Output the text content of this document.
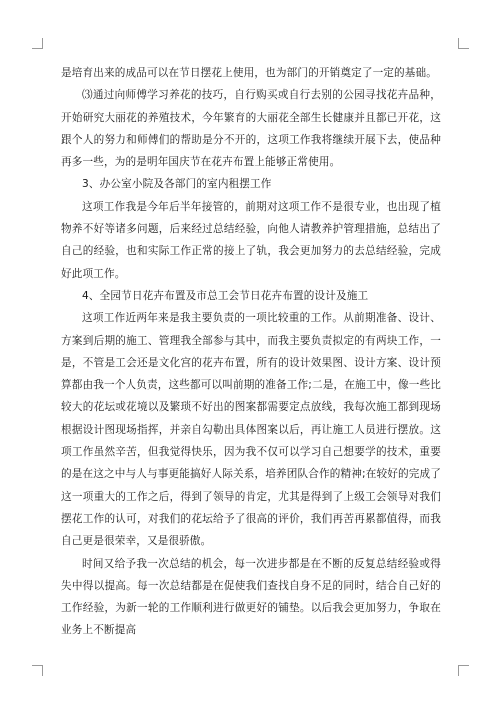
是培育出来的成品可以在节日摆花上使用，也为部门的开销奠定了一定的基础。

⑶通过向师傅学习养花的技巧，自行购买或自行去别的公园寻找花卉品种，开始研究大丽花的养殖技术，今年繁育的大丽花全部生长健康并且都已开花，这跟个人的努力和师傅们的帮助是分不开的，这项工作我将继续开展下去，使品种再多一些，为的是明年国庆节在花卉布置上能够正常使用。

3、办公室小院及各部门的室内租摆工作

这项工作我是今年后半年接管的，前期对这项工作不是很专业，也出现了植物养不好等诸多问题，后来经过总结经验，向他人请教养护管理措施，总结出了自己的经验，也和实际工作正常的接上了轨，我会更加努力的去总结经验，完成好此项工作。

4、全园节日花卉布置及市总工会节日花卉布置的设计及施工

这项工作近两年来是我主要负责的一项比较重的工作。从前期准备、设计、方案到后期的施工、管理我全部参与其中，而我主要负责拟定的有两块工作，一是，不管是工会还是文化宫的花卉布置，所有的设计效果图、设计方案、设计预算都由我一个人负责，这些都可以叫前期的准备工作;二是，在施工中，像一些比较大的花坛或花境以及繁琐不好出的图案都需要定点放线，我每次施工都到现场根据设计图现场指挥，并亲自勾勒出具体图案以后，再让施工人员进行摆放。这项工作虽然辛苦，但我觉得快乐，因为我不仅可以学习自己想要学的技术，重要的是在这之中与人与事更能搞好人际关系，培养团队合作的精神;在较好的完成了这一项重大的工作之后，得到了领导的肯定，尤其是得到了上级工会领导对我们摆花工作的认可，对我们的花坛给予了很高的评价，我们再苦再累都值得，而我自己更是很荣幸，又是很骄傲。

时间又给予我一次总结的机会，每一次进步都是在不断的反复总结经验或得失中得以提高。每一次总结都是在促使我们查找自身不足的同时，结合自己好的工作经验，为新一轮的工作顺利进行做更好的铺垫。以后我会更加努力，争取在业务上不断提高
